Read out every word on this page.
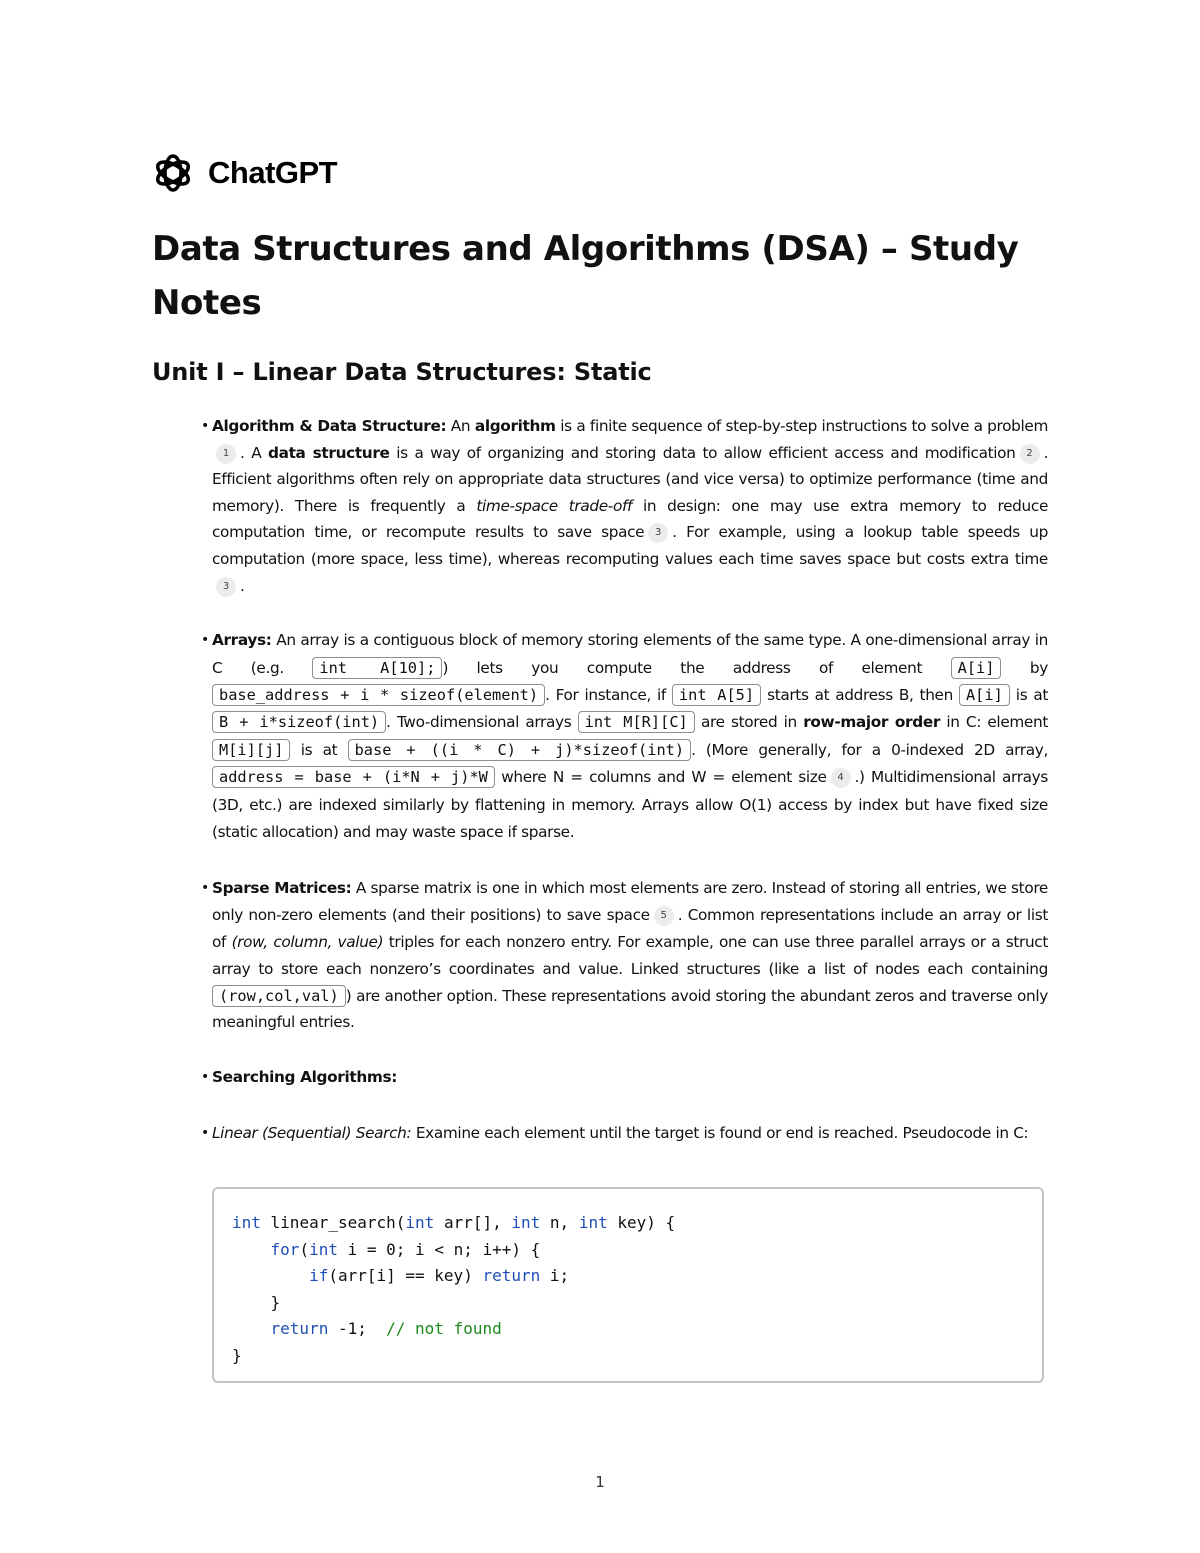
ChatGPT
Data Structures and Algorithms (DSA) – Study Notes
Unit I – Linear Data Structures: Static
• Algorithm & Data Structure: An algorithm is a finite sequence of step-by-step instructions to solve a problem1 . A data structure is a way of organizing and storing data to allow efficient access and modification 2 . Efficient algorithms often rely on appropriate data structures (and vice versa) to optimize performance (time and memory). There is frequently a time-space trade-off in design: one may use extra memory to reduce computation time, or recompute results to save space 3 . For example, using a lookup table speeds up computation (more space, less time), whereas recomputing values each time saves space but costs extra time3 .
• Arrays: An array is a contiguous block of memory storing elements of the same type. A one-dimensional array in C (e.g. int A[10]; ) lets you compute the address of element A[i] by base_address + i * sizeof(element) . For instance, if int A[5] starts at address B, then A[i] is at B + i*sizeof(int) . Two-dimensional arrays int M[R][C] are stored in row-major order in C: element M[i][j] is at base + ((i * C) + j)*sizeof(int) . (More generally, for a 0-indexed 2D array, address = base + (i*N + j)*W where N = columns and W = element size 4 .) Multidimensional arrays (3D, etc.) are indexed similarly by flattening in memory. Arrays allow O(1) access by index but have fixed size (static allocation) and may waste space if sparse.
• Sparse Matrices: A sparse matrix is one in which most elements are zero. Instead of storing all entries, we store only non-zero elements (and their positions) to save space 5 . Common representations include an array or list of (row, column, value) triples for each nonzero entry. For example, one can use three parallel arrays or a struct array to store each nonzero’s coordinates and value. Linked structures (like a list of nodes each containing (row,col,val) ) are another option. These representations avoid storing the abundant zeros and traverse only meaningful entries.
• Searching Algorithms:
• Linear (Sequential) Search: Examine each element until the target is found or end is reached. Pseudocode in C:
int linear_search(int arr[], int n, int key) {
for(int i = 0; i < n; i++) {
if(arr[i] == key) return i;
}
return -1;  // not found
}
1
